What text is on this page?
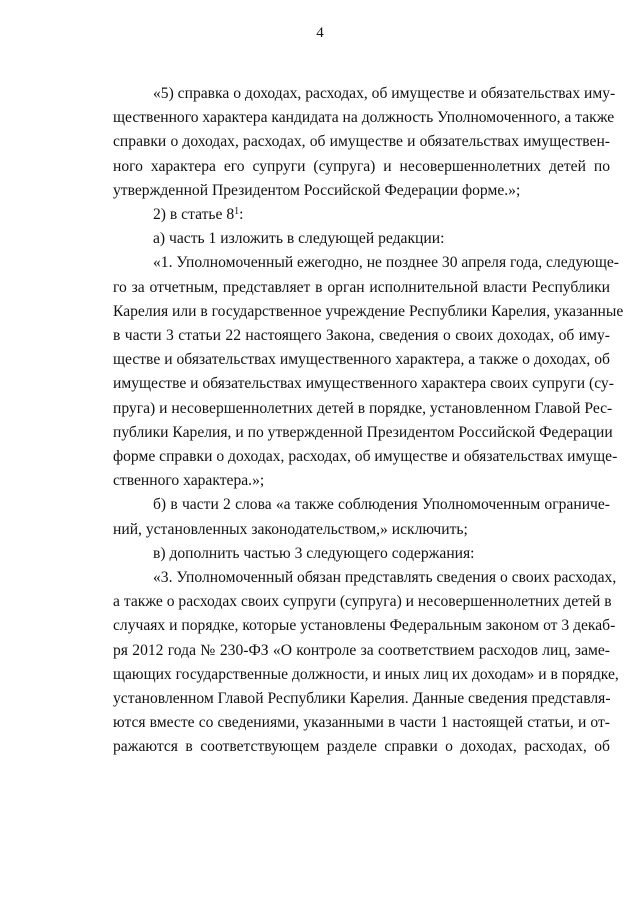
4
«5) справка о доходах, расходах, об имуществе и обязательствах иму-
щественного характера кандидата на должность Уполномоченного, а также
справки о доходах, расходах, об имуществе и обязательствах имуществен-
ного характера его супруги (супруга) и несовершеннолетних детей по
утвержденной Президентом Российской Федерации форме.»;
2) в статье $8^1$:
а) часть 1 изложить в следующей редакции:
«1. Уполномоченный ежегодно, не позднее 30 апреля года, следующе-
го за отчетным, представляет в орган исполнительной власти Республики
Карелия или в государственное учреждение Республики Карелия, указанные
в части 3 статьи 22 настоящего Закона, сведения о своих доходах, об иму-
ществе и обязательствах имущественного характера, а также о доходах, об
имуществе и обязательствах имущественного характера своих супруги (су-
пруга) и несовершеннолетних детей в порядке, установленном Главой Рес-
публики Карелия, и по утвержденной Президентом Российской Федерации
форме справки о доходах, расходах, об имуществе и обязательствах имуще-
ственного характера.»;
б) в части 2 слова «а также соблюдения Уполномоченным ограниче-
ний, установленных законодательством,» исключить;
в) дополнить частью 3 следующего содержания:
«3. Уполномоченный обязан представлять сведения о своих расходах,
а также о расходах своих супруги (супруга) и несовершеннолетних детей в
случаях и порядке, которые установлены Федеральным законом от 3 декаб-
ря 2012 года № 230-ФЗ «О контроле за соответствием расходов лиц, заме-
щающих государственные должности, и иных лиц их доходам» и в порядке,
установленном Главой Республики Карелия. Данные сведения представля-
ются вместе со сведениями, указанными в части 1 настоящей статьи, и от-
ражаются в соответствующем разделе справки о доходах, расходах, об
